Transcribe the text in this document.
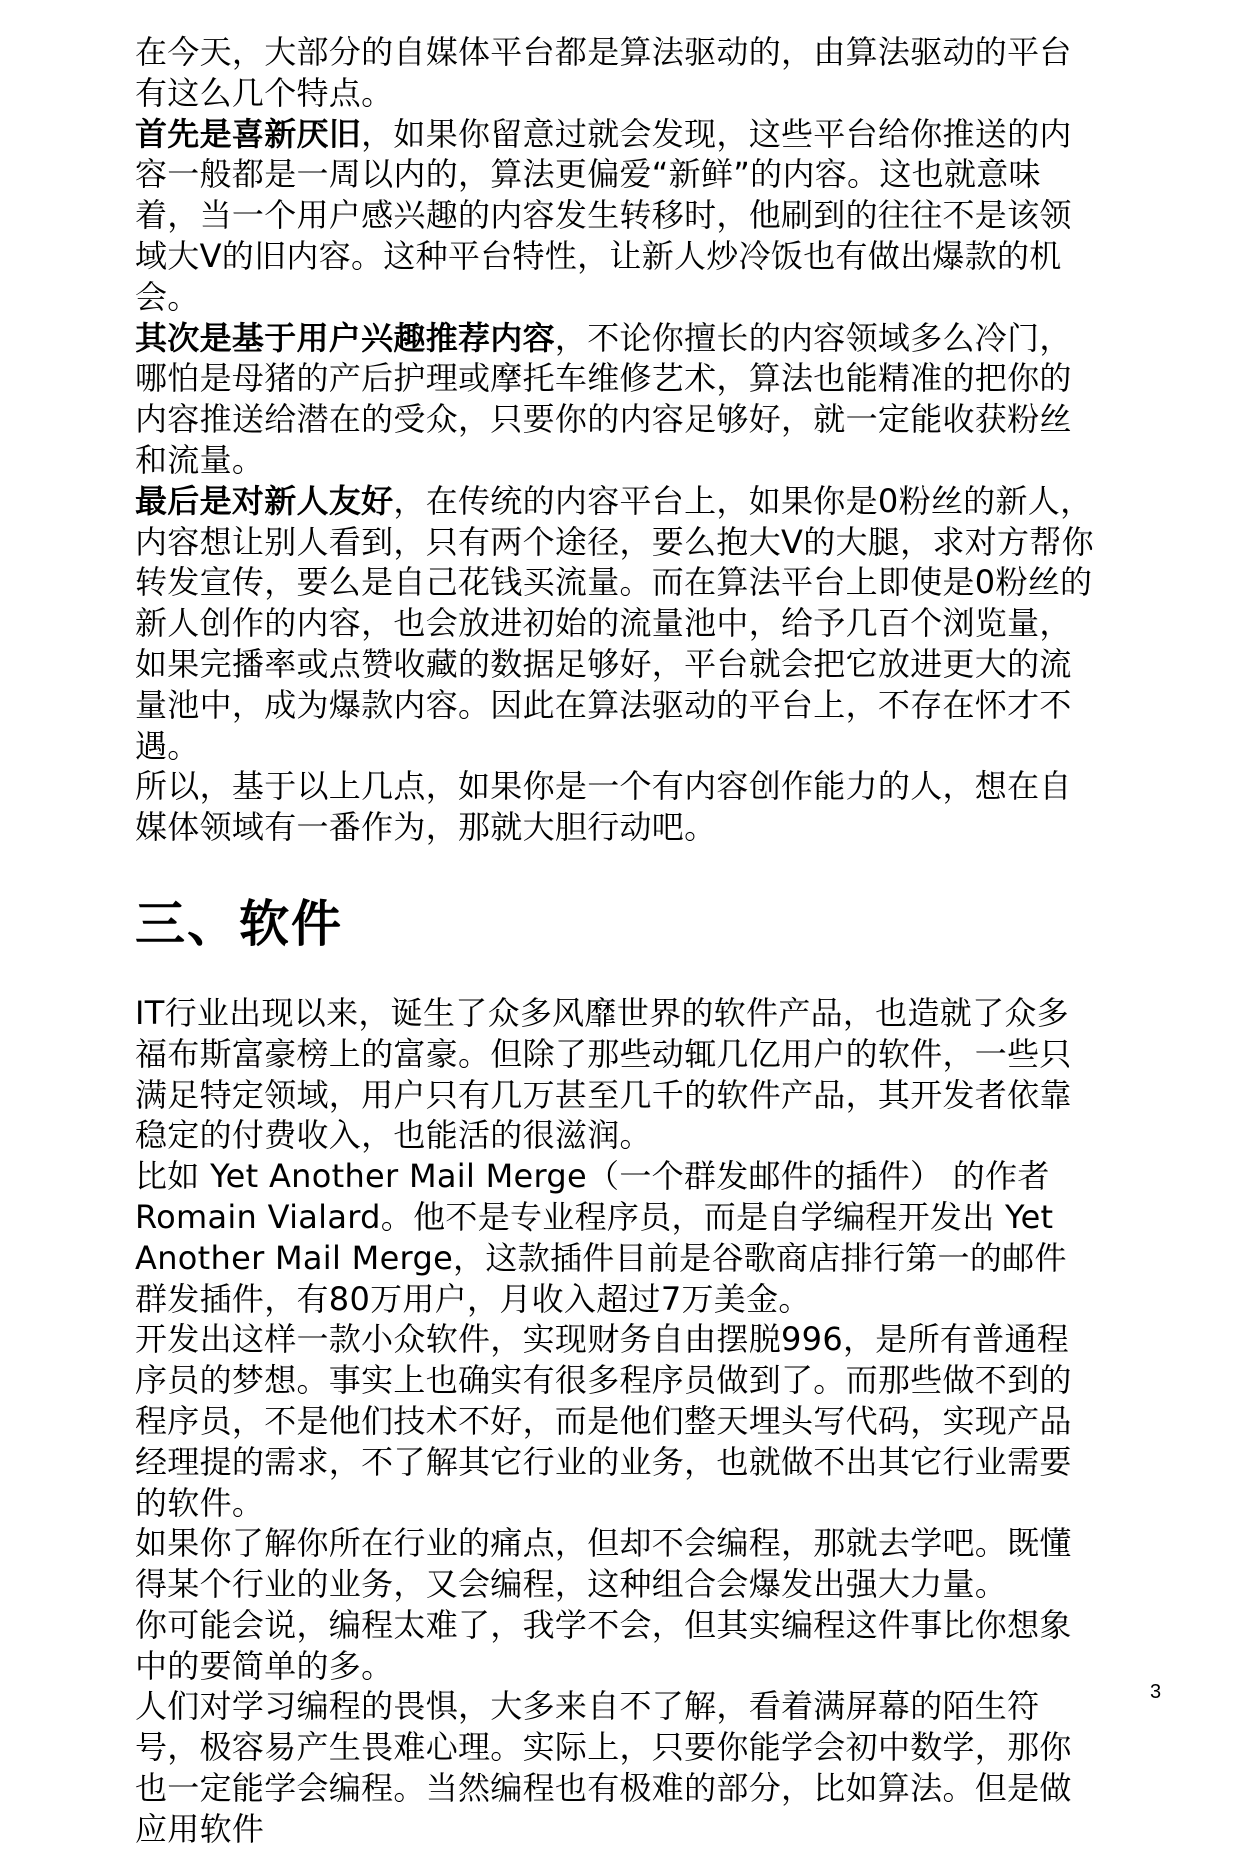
在今天，大部分的自媒体平台都是算法驱动的，由算法驱动的平台有这么几个特点。

首先是喜新厌旧，如果你留意过就会发现，这些平台给你推送的内容一般都是一周以内的，算法更偏爱“新鲜”的内容。这也就意味着，当一个用户感兴趣的内容发生转移时，他刷到的往往不是该领域大V的旧内容。这种平台特性，让新人炒冷饭也有做出爆款的机会。

其次是基于用户兴趣推荐内容，不论你擅长的内容领域多么冷门，哪怕是母猪的产后护理或摩托车维修艺术，算法也能精准的把你的内容推送给潜在的受众，只要你的内容足够好，就一定能收获粉丝和流量。

最后是对新人友好，在传统的内容平台上，如果你是0粉丝的新人，内容想让别人看到，只有两个途径，要么抱大V的大腿，求对方帮你转发宣传，要么是自己花钱买流量。而在算法平台上即使是0粉丝的新人创作的内容，也会放进初始的流量池中，给予几百个浏览量，如果完播率或点赞收藏的数据足够好，平台就会把它放进更大的流量池中，成为爆款内容。因此在算法驱动的平台上，不存在怀才不遇。

所以，基于以上几点，如果你是一个有内容创作能力的人，想在自媒体领域有一番作为，那就大胆行动吧。

三、软件

IT行业出现以来，诞生了众多风靡世界的软件产品，也造就了众多福布斯富豪榜上的富豪。但除了那些动辄几亿用户的软件，一些只满足特定领域，用户只有几万甚至几千的软件产品，其开发者依靠稳定的付费收入，也能活的很滋润。

比如 Yet Another Mail Merge（一个群发邮件的插件） 的作者 Romain Vialard。他不是专业程序员，而是自学编程开发出 Yet Another Mail Merge，这款插件目前是谷歌商店排行第一的邮件群发插件，有80万用户，月收入超过7万美金。

开发出这样一款小众软件，实现财务自由摆脱996，是所有普通程序员的梦想。事实上也确实有很多程序员做到了。而那些做不到的程序员，不是他们技术不好，而是他们整天埋头写代码，实现产品经理提的需求，不了解其它行业的业务，也就做不出其它行业需要的软件。

如果你了解你所在行业的痛点，但却不会编程，那就去学吧。既懂得某个行业的业务，又会编程，这种组合会爆发出强大力量。

你可能会说，编程太难了，我学不会，但其实编程这件事比你想象中的要简单的多。

人们对学习编程的畏惧，大多来自不了解，看着满屏幕的陌生符号，极容易产生畏难心理。实际上，只要你能学会初中数学，那你也一定能学会编程。当然编程也有极难的部分，比如算法。但是做应用软件

3
